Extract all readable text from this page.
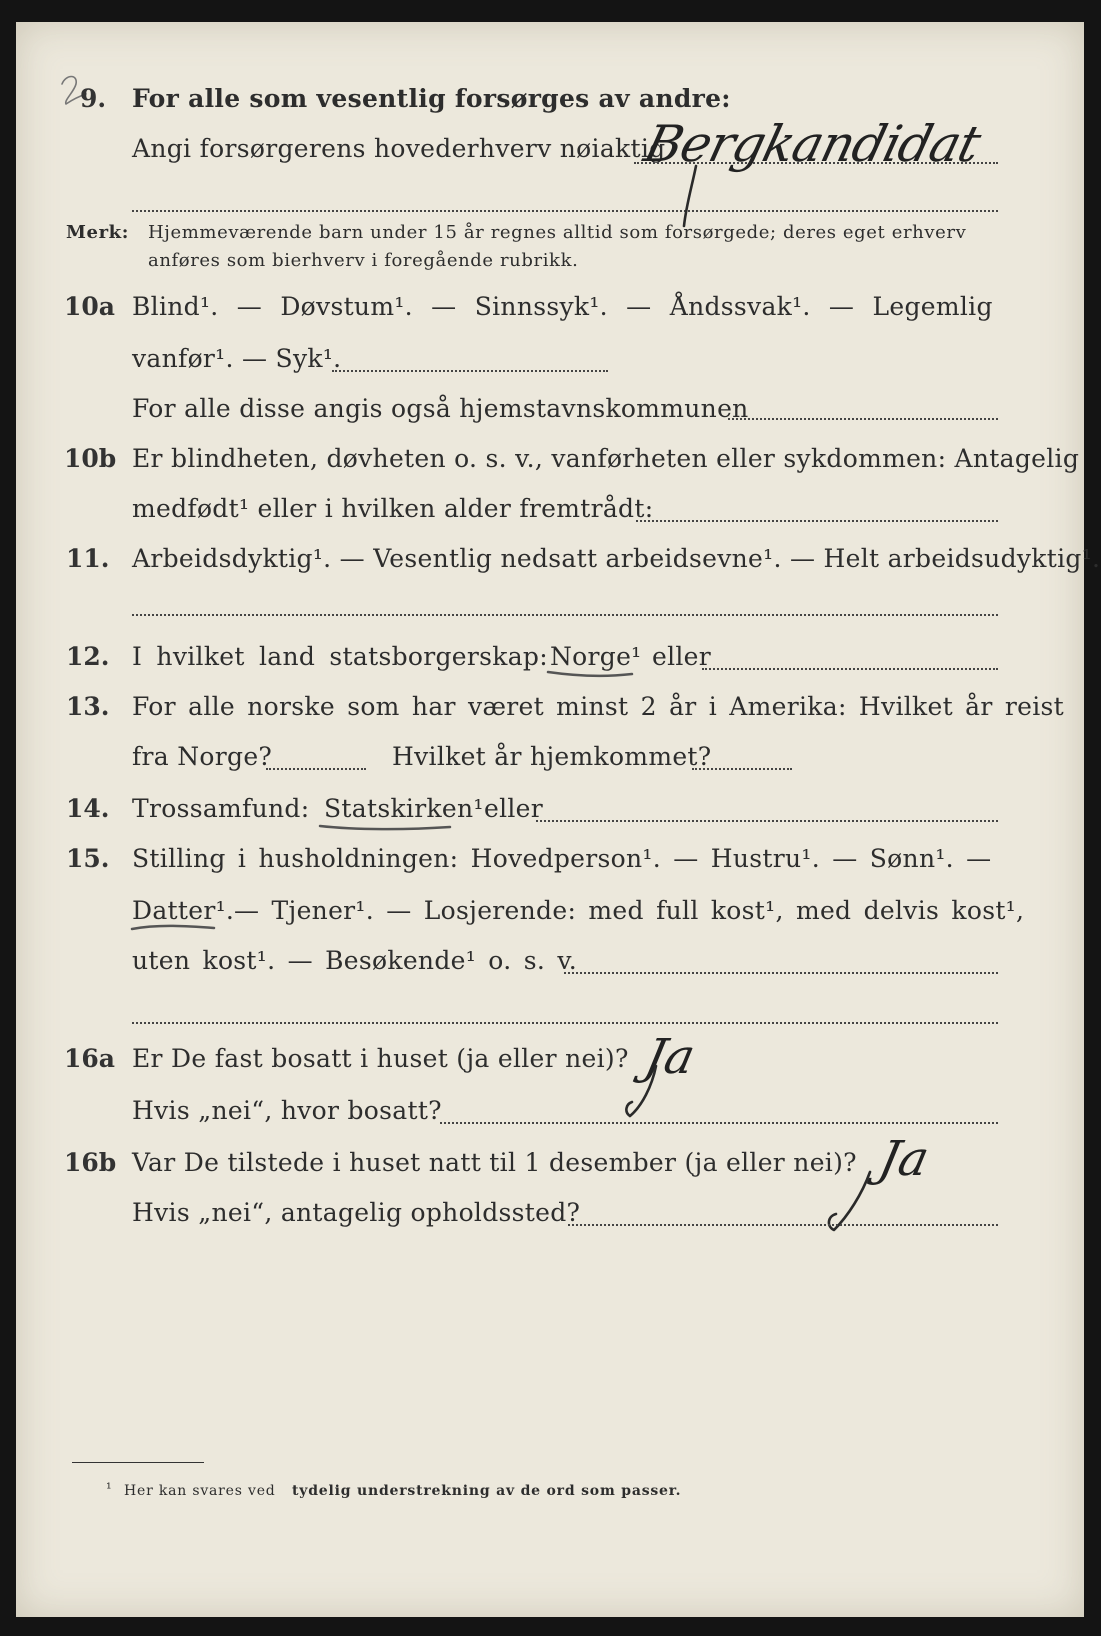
9. For alle som vesentlig forsørges av andre:
Angi forsørgerens hovederhverv nøiaktig
Bergkandidat
Merk: Hjemmeværende barn under 15 år regnes alltid som forsørgede; deres eget erhverv
anføres som bierhverv i foregående rubrikk.
10a Blind¹. — Døvstum¹. — Sinnssyk¹. — Åndssvak¹. — Legemlig
vanfør¹. — Syk¹.
For alle disse angis også hjemstavnskommunen
10b Er blindheten, døvheten o. s. v., vanførheten eller sykdommen: Antagelig
medfødt¹ eller i hvilken alder fremtrådt:
11. Arbeidsdyktig¹. — Vesentlig nedsatt arbeidsevne¹. — Helt arbeidsudyktig¹.
12. I hvilket land statsborgerskap: Norge¹ eller
13. For alle norske som har været minst 2 år i Amerika: Hvilket år reist
fra Norge?	Hvilket år hjemkommet?
14. Trossamfund: Statskirken¹ eller
15. Stilling i husholdningen: Hovedperson¹. — Hustru¹. — Sønn¹. —
Datter¹. — Tjener¹. — Losjerende: med full kost¹, med delvis kost¹,
uten kost¹. — Besøkende¹ o. s. v.
16a Er De fast bosatt i huset (ja eller nei)? Ja
Hvis „nei“, hvor bosatt?
16b Var De tilstede i huset natt til 1 desember (ja eller nei)? Ja
Hvis „nei“, antagelig opholdssted?
¹ Her kan svares ved tydelig understrekning av de ord som passer.
